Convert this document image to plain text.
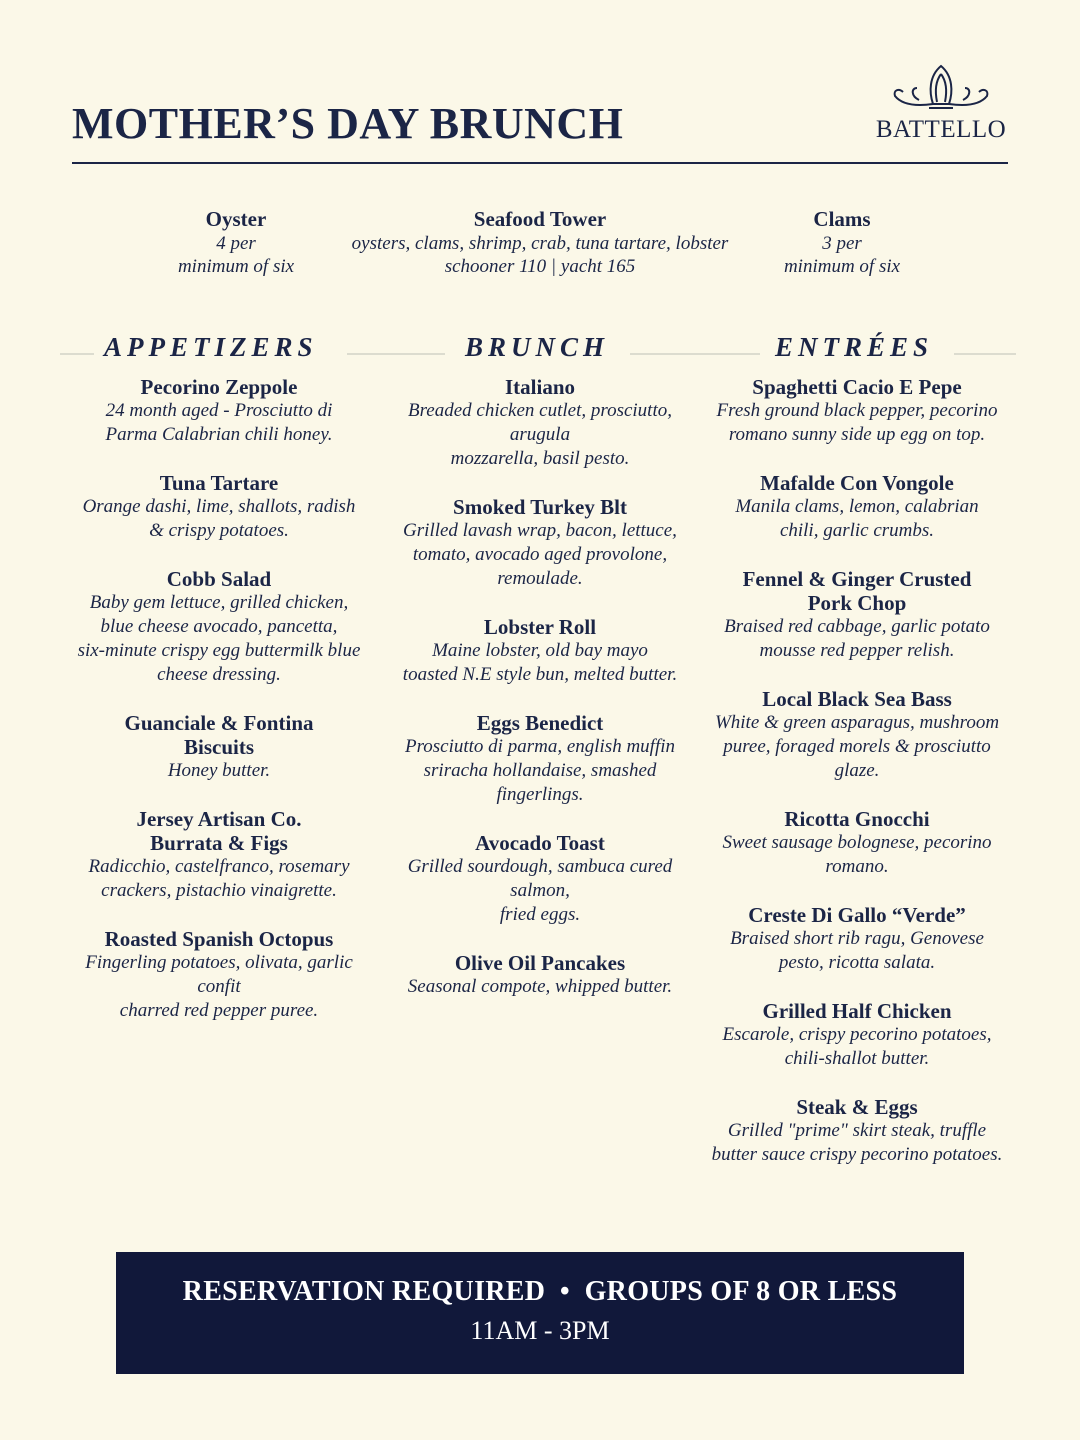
MOTHER’S DAY BRUNCH	BATTELLO
Oyster
4 per
minimum of six
Seafood Tower
oysters, clams, shrimp, crab, tuna tartare, lobster
schooner 110 | yacht 165
Clams
3 per
minimum of six
APPETIZERS	BRUNCH	ENTRÉES
Pecorino Zeppole
24 month aged - Prosciutto di
Parma Calabrian chili honey.
Tuna Tartare
Orange dashi, lime, shallots, radish
& crispy potatoes.
Cobb Salad
Baby gem lettuce, grilled chicken,
blue cheese avocado, pancetta,
six-minute crispy egg buttermilk blue
cheese dressing.
Guanciale & Fontina
Biscuits
Honey butter.
Jersey Artisan Co.
Burrata & Figs
Radicchio, castelfranco, rosemary
crackers, pistachio vinaigrette.
Roasted Spanish Octopus
Fingerling potatoes, olivata, garlic
confit
charred red pepper puree.
Italiano
Breaded chicken cutlet, prosciutto,
arugula
mozzarella, basil pesto.
Smoked Turkey Blt
Grilled lavash wrap, bacon, lettuce,
tomato, avocado aged provolone,
remoulade.
Lobster Roll
Maine lobster, old bay mayo
toasted N.E style bun, melted butter.
Eggs Benedict
Prosciutto di parma, english muffin
sriracha hollandaise, smashed
fingerlings.
Avocado Toast
Grilled sourdough, sambuca cured
salmon,
fried eggs.
Olive Oil Pancakes
Seasonal compote, whipped butter.
Spaghetti Cacio E Pepe
Fresh ground black pepper, pecorino
romano sunny side up egg on top.
Mafalde Con Vongole
Manila clams, lemon, calabrian
chili, garlic crumbs.
Fennel & Ginger Crusted
Pork Chop
Braised red cabbage, garlic potato
mousse red pepper relish.
Local Black Sea Bass
White & green asparagus, mushroom
puree, foraged morels & prosciutto
glaze.
Ricotta Gnocchi
Sweet sausage bolognese, pecorino
romano.
Creste Di Gallo “Verde”
Braised short rib ragu, Genovese
pesto, ricotta salata.
Grilled Half Chicken
Escarole, crispy pecorino potatoes,
chili-shallot butter.
Steak & Eggs
Grilled "prime" skirt steak, truffle
butter sauce crispy pecorino potatoes.
RESERVATION REQUIRED  •  GROUPS OF 8 OR LESS
11AM - 3PM
